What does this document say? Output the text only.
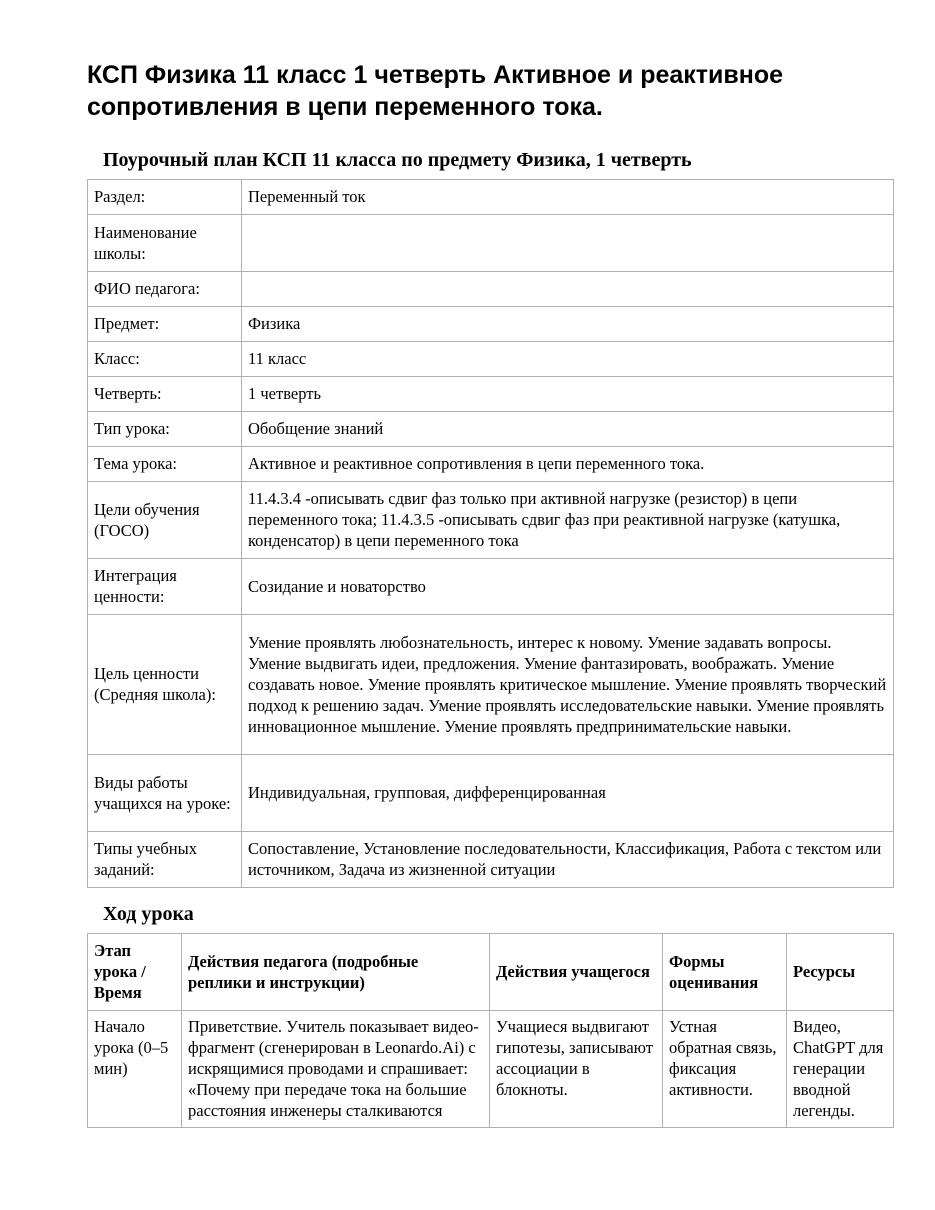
КСП Физика 11 класс 1 четверть Активное и реактивное сопротивления в цепи переменного тока.
Поурочный план КСП 11 класса по предмету Физика, 1 четверть
Раздел:	Переменный ток
Наименование школы:	
ФИО педагога:	
Предмет:	Физика
Класс:	11 класс
Четверть:	1 четверть
Тип урока:	Обобщение знаний
Тема урока:	Активное и реактивное сопротивления в цепи переменного тока.
Цели обучения (ГОСО)	11.4.3.4 -описывать сдвиг фаз только при активной нагрузке (резистор) в цепи переменного тока; 11.4.3.5 -описывать сдвиг фаз при реактивной нагрузке (катушка, конденсатор) в цепи переменного тока
Интеграция ценности:	Созидание и новаторство
Цель ценности (Средняя школа):	Умение проявлять любознательность, интерес к новому. Умение задавать вопросы. Умение выдвигать идеи, предложения. Умение фантазировать, воображать. Умение создавать новое. Умение проявлять критическое мышление. Умение проявлять творческий подход к решению задач. Умение проявлять исследовательские навыки. Умение проявлять инновационное мышление. Умение проявлять предпринимательские навыки.
Виды работы учащихся на уроке:	Индивидуальная, групповая, дифференцированная
Типы учебных заданий:	Сопоставление, Установление последовательности, Классификация, Работа с текстом или источником, Задача из жизненной ситуации
Ход урока
Этап урока / Время	Действия педагога (подробные реплики и инструкции)	Действия учащегося	Формы оценивания	Ресурсы
Начало урока (0–5 мин)	Приветствие. Учитель показывает видео-фрагмент (сгенерирован в Leonardo.Ai) с искрящимися проводами и спрашивает: «Почему при передаче тока на большие расстояния инженеры сталкиваются	Учащиеся выдвигают гипотезы, записывают ассоциации в блокноты.	Устная обратная связь, фиксация активности.	Видео, ChatGPT для генерации вводной легенды.
